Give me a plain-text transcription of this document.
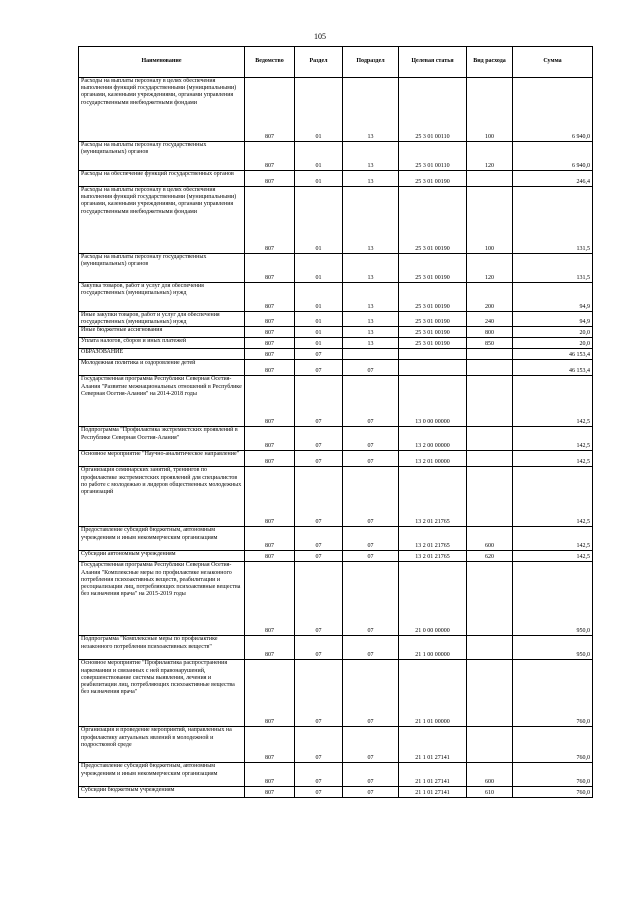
105
Наименование	Ведомство	Раздел	Подраздел	Целевая статья	Вид расхода	Сумма
Расходы на выплаты персоналу в целях обеспечения выполнения функций государственными (муниципальными) органами, казенными учреждениями, органами управления государственными внебюджетными фондами	807	01	13	25 3 01 00110	100	6 940,0
Расходы на выплаты персоналу государственных (муниципальных) органов	807	01	13	25 3 01 00110	120	6 940,0
Расходы на обеспечение функций государственных органов	807	01	13	25 3 01 00190		246,4
Расходы на выплаты персоналу в целях обеспечения выполнения функций государственными (муниципальными) органами, казенными учреждениями, органами управления государственными внебюджетными фондами	807	01	13	25 3 01 00190	100	131,5
Расходы на выплаты персоналу государственных (муниципальных) органов	807	01	13	25 3 01 00190	120	131,5
Закупка товаров, работ и услуг для обеспечения государственных (муниципальных) нужд	807	01	13	25 3 01 00190	200	94,9
Иные закупки товаров, работ и услуг для обеспечения государственных (муниципальных) нужд	807	01	13	25 3 01 00190	240	94,9
Иные бюджетные ассигнования	807	01	13	25 3 01 00190	800	20,0
Уплата налогов, сборов и иных платежей	807	01	13	25 3 01 00190	850	20,0
ОБРАЗОВАНИЕ	807	07				46 153,4
Молодежная политика и оздоровление детей	807	07	07			46 153,4
Государственная программа Республики Северная Осетия-Алания "Развитие межнациональных отношений в Республике Северная Осетия-Алания" на 2014-2018 годы	807	07	07	13 0 00 00000		142,5
Подпрограмма "Профилактика экстремистских проявлений в Республике Северная Осетия-Алания"	807	07	07	13 2 00 00000		142,5
Основное мероприятие "Научно-аналитическое направление"	807	07	07	13 2 01 00000		142,5
Организация семинарских занятий, тренингов по профилактике экстремистских проявлений для специалистов по работе с молодежью и лидеров общественных молодежных организаций	807	07	07	13 2 01 21765		142,5
Предоставление субсидий бюджетным, автономным учреждениям и иным некоммерческим организациям	807	07	07	13 2 01 21765	600	142,5
Субсидии автономным учреждениям	807	07	07	13 2 01 21765	620	142,5
Государственная программа Республики Северная Осетия-Алания "Комплексные меры по профилактике незаконного потребления психоактивных веществ, реабилитации и ресоциализации лиц, потребляющих психоактивные вещества без назначения врача" на 2015-2019 годы	807	07	07	21 0 00 00000		950,0
Подпрограмма "Комплексные меры по профилактике незаконного потребления психоактивных веществ"	807	07	07	21 1 00 00000		950,0
Основное мероприятие "Профилактика распространения наркомании и связанных с ней правонарушений, совершенствование системы выявления, лечения и реабилитации лиц, потребляющих психоактивные вещества без назначения врача"	807	07	07	21 1 01 00000		760,0
Организация и проведение мероприятий, направленных на профилактику актуальных явлений в молодежной и подростковой среде	807	07	07	21 1 01 27141		760,0
Предоставление субсидий бюджетным, автономным учреждениям и иным некоммерческим организациям	807	07	07	21 1 01 27141	600	760,0
Субсидии бюджетным учреждениям	807	07	07	21 1 01 27141	610	760,0
